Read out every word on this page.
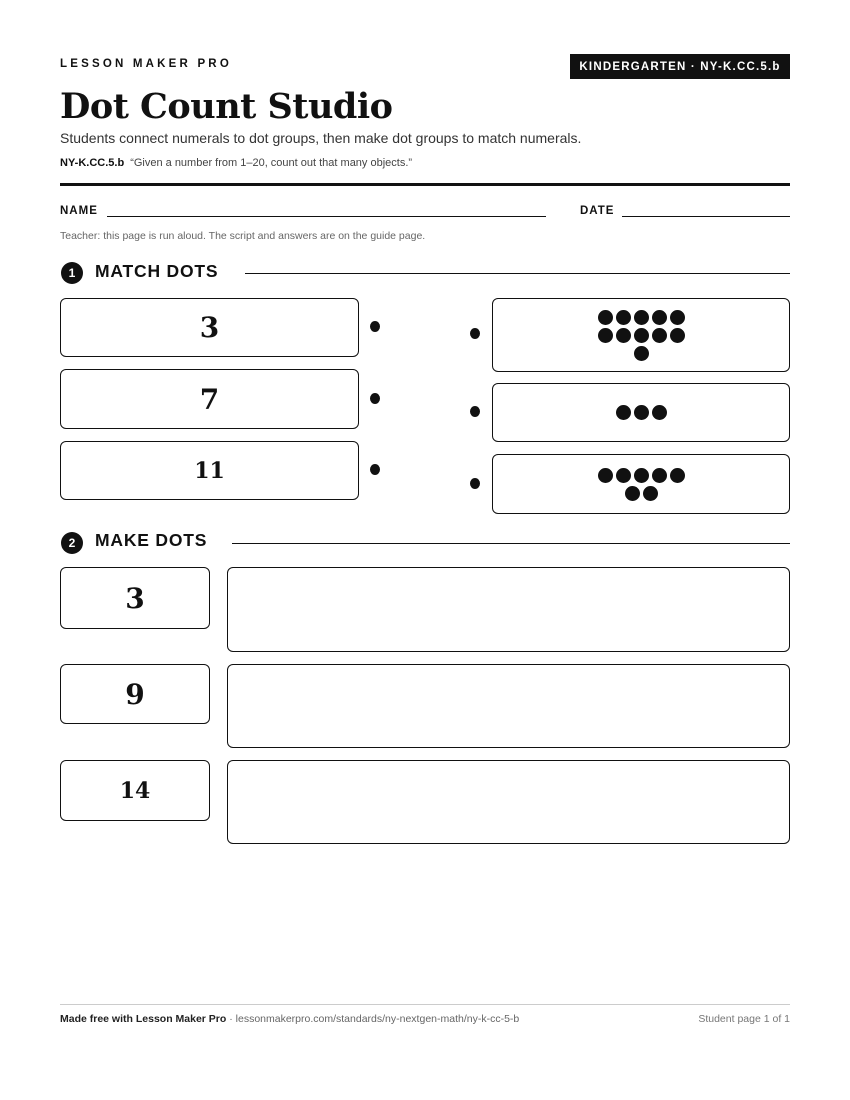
LESSON MAKER PRO	KINDERGARTEN · NY-K.CC.5.b
Dot Count Studio
Students connect numerals to dot groups, then make dot groups to match numerals.
NY-K.CC.5.b “Given a number from 1–20, count out that many objects.”
NAME	DATE
Teacher: this page is run aloud. The script and answers are on the guide page.
1	MATCH DOTS
3
7
11
2	MAKE DOTS
3
9
14
Made free with Lesson Maker Pro · lessonmakerpro.com/standards/ny-nextgen-math/ny-k-cc-5-b	Student page 1 of 1
